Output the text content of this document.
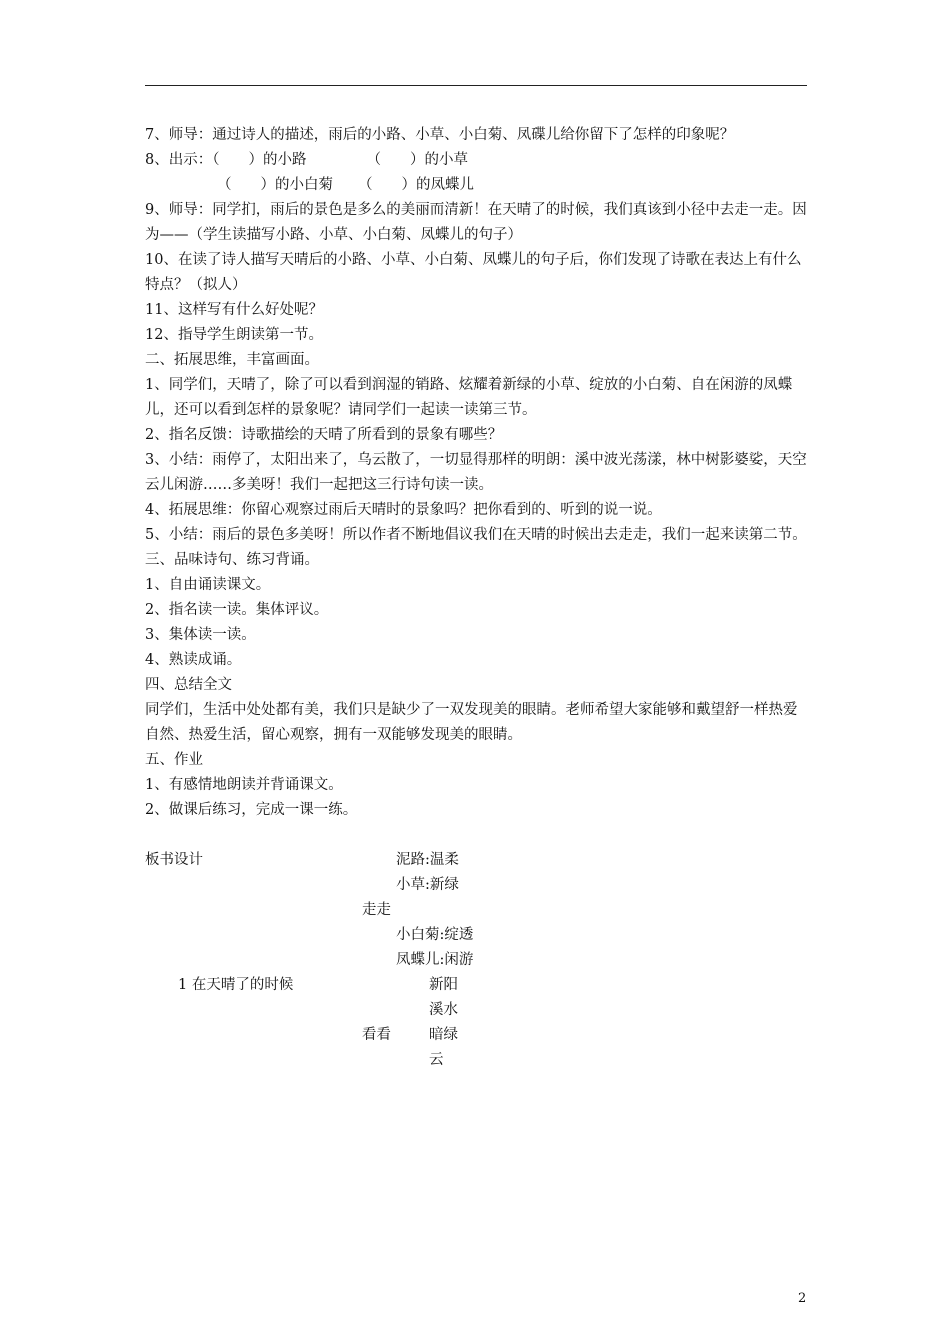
7、师导：通过诗人的描述，雨后的小路、小草、小白菊、凤碟儿给你留下了怎样的印象呢？

8、出示：（　　）的小路	（　　）的小草

（　　）的小白菊 （　　）的凤蝶儿

9、师导：同学扪，雨后的景色是多么的美丽而清新！在天晴了的时候，我们真该到小径中去走一走。因为——（学生读描写小路、小草、小白菊、凤蝶儿的句子）

10、在读了诗人描写天晴后的小路、小草、小白菊、凤蝶儿的句子后，你们发现了诗歌在表达上有什么特点？（拟人）

11、这样写有什么好处呢？

12、指导学生朗读第一节。

二、拓展思维，丰富画面。

1、同学们，天晴了，除了可以看到润湿的销路、炫耀着新绿的小草、绽放的小白菊、自在闲游的凤蝶儿，还可以看到怎样的景象呢？请同学们一起读一读第三节。

2、指名反馈：诗歌描绘的天晴了所看到的景象有哪些？

3、小结：雨停了，太阳出来了，乌云散了，一切显得那样的明朗：溪中波光荡漾，林中树影婆娑，天空云儿闲游……多美呀！我们一起把这三行诗句读一读。

4、拓展思维：你留心观察过雨后天晴时的景象吗？把你看到的、听到的说一说。

5、小结：雨后的景色多美呀！所以作者不断地倡议我们在天晴的时候出去走走，我们一起来读第二节。

三、品味诗句、练习背诵。

1、自由诵读课文。

2、指名读一读。集体评议。

3、集体读一读。

4、熟读成诵。

四、总结全文

同学们，生活中处处都有美，我们只是缺少了一双发现美的眼睛。老师希望大家能够和戴望舒一样热爱自然、热爱生活，留心观察，拥有一双能够发现美的眼睛。

五、作业

1、有感情地朗读并背诵课文。

2、做课后练习，完成一课一练。

板书设计	泥路:温柔
小草:新绿
走走
小白菊:绽透
凤蝶儿:闲游
1 在天晴了的时候	新阳
溪水
看看	暗绿
云
2
